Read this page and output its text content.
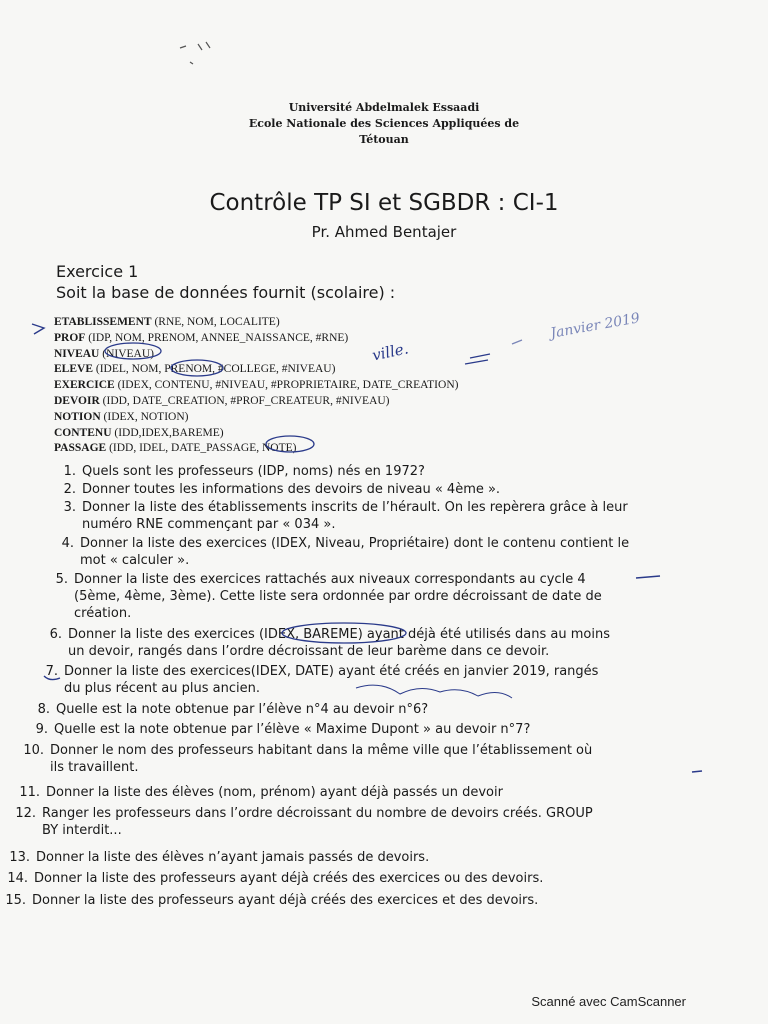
Université Abdelmalek Essaadi
Ecole Nationale des Sciences Appliquées de
Tétouan
Contrôle TP SI et SGBDR : CI-1
Pr. Ahmed Bentajer
Exercice 1
Soit la base de données fournit (scolaire) :
ETABLISSEMENT (RNE, NOM, LOCALITE)
PROF (IDP, NOM, PRENOM, ANNEE_NAISSANCE, #RNE)
NIVEAU (NIVEAU)
ELEVE (IDEL, NOM, PRENOM, #COLLEGE, #NIVEAU)
EXERCICE (IDEX, CONTENU, #NIVEAU, #PROPRIETAIRE, DATE_CREATION)
DEVOIR (IDD, DATE_CREATION, #PROF_CREATEUR, #NIVEAU)
NOTION (IDEX, NOTION)
CONTENU (IDD,IDEX,BAREME)
PASSAGE (IDD, IDEL, DATE_PASSAGE, NOTE)
1. Quels sont les professeurs (IDP, noms) nés en 1972?
2. Donner toutes les informations des devoirs de niveau « 4ème ».
3. Donner la liste des établissements inscrits de l’hérault. On les repèrera grâce à leur
numéro RNE commençant par « 034 ».
4. Donner la liste des exercices (IDEX, Niveau, Propriétaire) dont le contenu contient le
mot « calculer ».
5. Donner la liste des exercices rattachés aux niveaux correspondants au cycle 4
(5ème, 4ème, 3ème). Cette liste sera ordonnée par ordre décroissant de date de
création.
6. Donner la liste des exercices (IDEX, BAREME) ayant déjà été utilisés dans au moins
un devoir, rangés dans l’ordre décroissant de leur barème dans ce devoir.
7. Donner la liste des exercices(IDEX, DATE) ayant été créés en janvier 2019, rangés
du plus récent au plus ancien.
8. Quelle est la note obtenue par l’élève n°4 au devoir n°6?
9. Quelle est la note obtenue par l’élève « Maxime Dupont » au devoir n°7?
10. Donner le nom des professeurs habitant dans la même ville que l’établissement où
ils travaillent.
11. Donner la liste des élèves (nom, prénom) ayant déjà passés un devoir
12. Ranger les professeurs dans l’ordre décroissant du nombre de devoirs créés. GROUP
BY interdit...
13. Donner la liste des élèves n’ayant jamais passés de devoirs.
14. Donner la liste des professeurs ayant déjà créés des exercices ou des devoirs.
15. Donner la liste des professeurs ayant déjà créés des exercices et des devoirs.
ville.
Janvier 2019
Scanné avec CamScanner
